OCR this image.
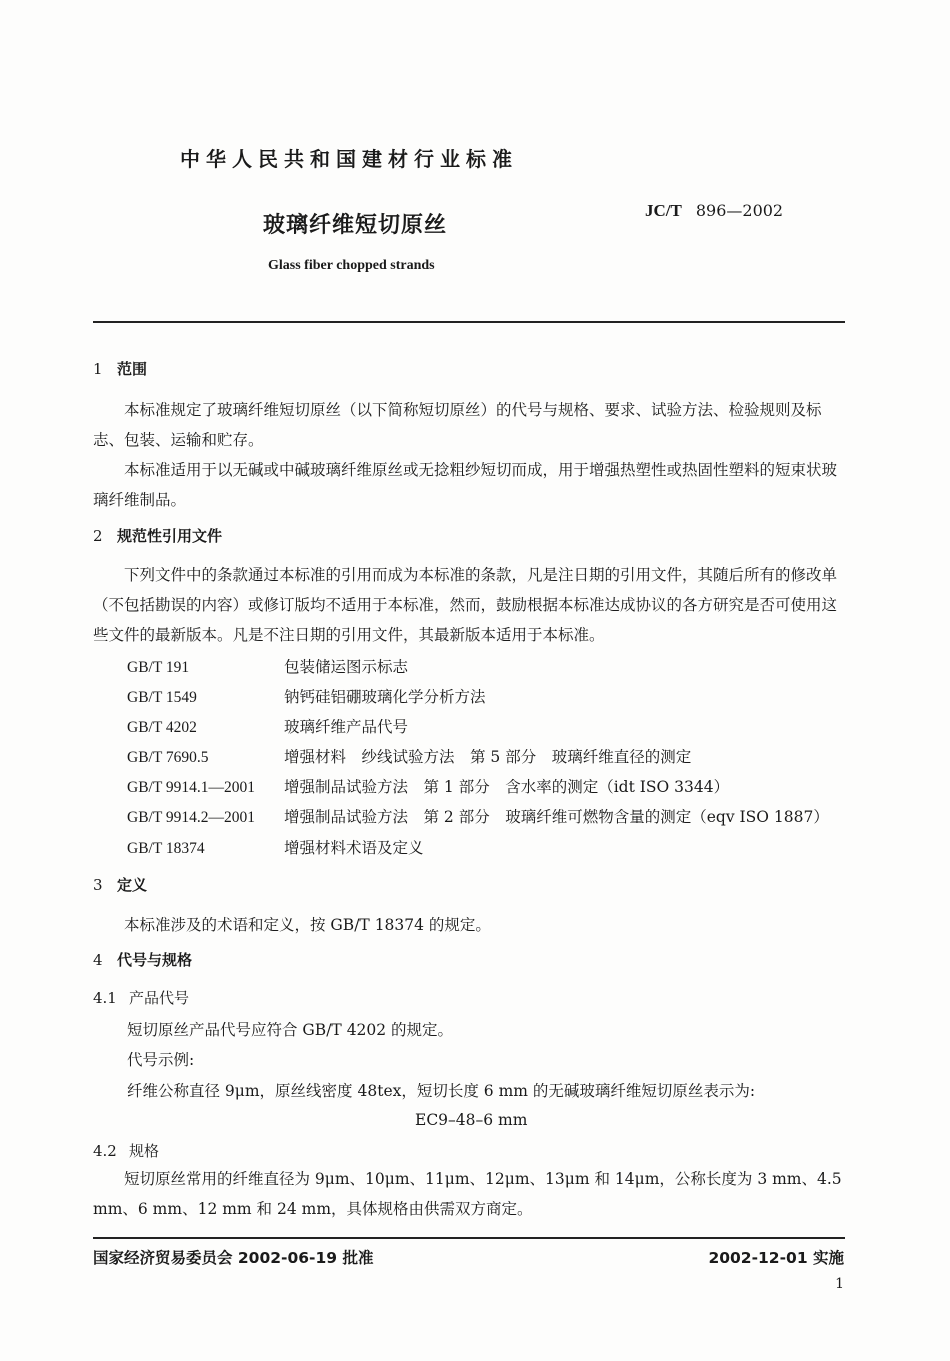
中华人民共和国建材行业标准
玻璃纤维短切原丝
JC/T 896—2002
Glass fiber chopped strands
1 范围
本标准规定了玻璃纤维短切原丝（以下简称短切原丝）的代号与规格、要求、试验方法、检验规则及标志、包装、运输和贮存。
本标准适用于以无碱或中碱玻璃纤维原丝或无捻粗纱短切而成，用于增强热塑性或热固性塑料的短束状玻璃纤维制品。
2 规范性引用文件
下列文件中的条款通过本标准的引用而成为本标准的条款，凡是注日期的引用文件，其随后所有的修改单（不包括勘误的内容）或修订版均不适用于本标准，然而，鼓励根据本标准达成协议的各方研究是否可使用这些文件的最新版本。凡是不注日期的引用文件，其最新版本适用于本标准。
GB/T 191	包装储运图示标志
GB/T 1549	钠钙硅铝硼玻璃化学分析方法
GB/T 4202	玻璃纤维产品代号
GB/T 7690.5	增强材料　纱线试验方法　第 5 部分　玻璃纤维直径的测定
GB/T 9914.1—2001 增强制品试验方法　第 1 部分　含水率的测定（idt ISO 3344）
GB/T 9914.2—2001 增强制品试验方法　第 2 部分　玻璃纤维可燃物含量的测定（eqv ISO 1887）
GB/T 18374	增强材料术语及定义
3 定义
本标准涉及的术语和定义，按 GB/T 18374 的规定。
4 代号与规格
4.1 产品代号
短切原丝产品代号应符合 GB/T 4202 的规定。
代号示例:
纤维公称直径 9μm，原丝线密度 48tex，短切长度 6 mm 的无碱玻璃纤维短切原丝表示为:
EC9–48–6 mm
4.2 规格
短切原丝常用的纤维直径为 9μm、10μm、11μm、12μm、13μm 和 14μm，公称长度为 3 mm、4.5 mm、6 mm、12 mm 和 24 mm，具体规格由供需双方商定。
国家经济贸易委员会 2002-06-19 批准	2002-12-01 实施
1
